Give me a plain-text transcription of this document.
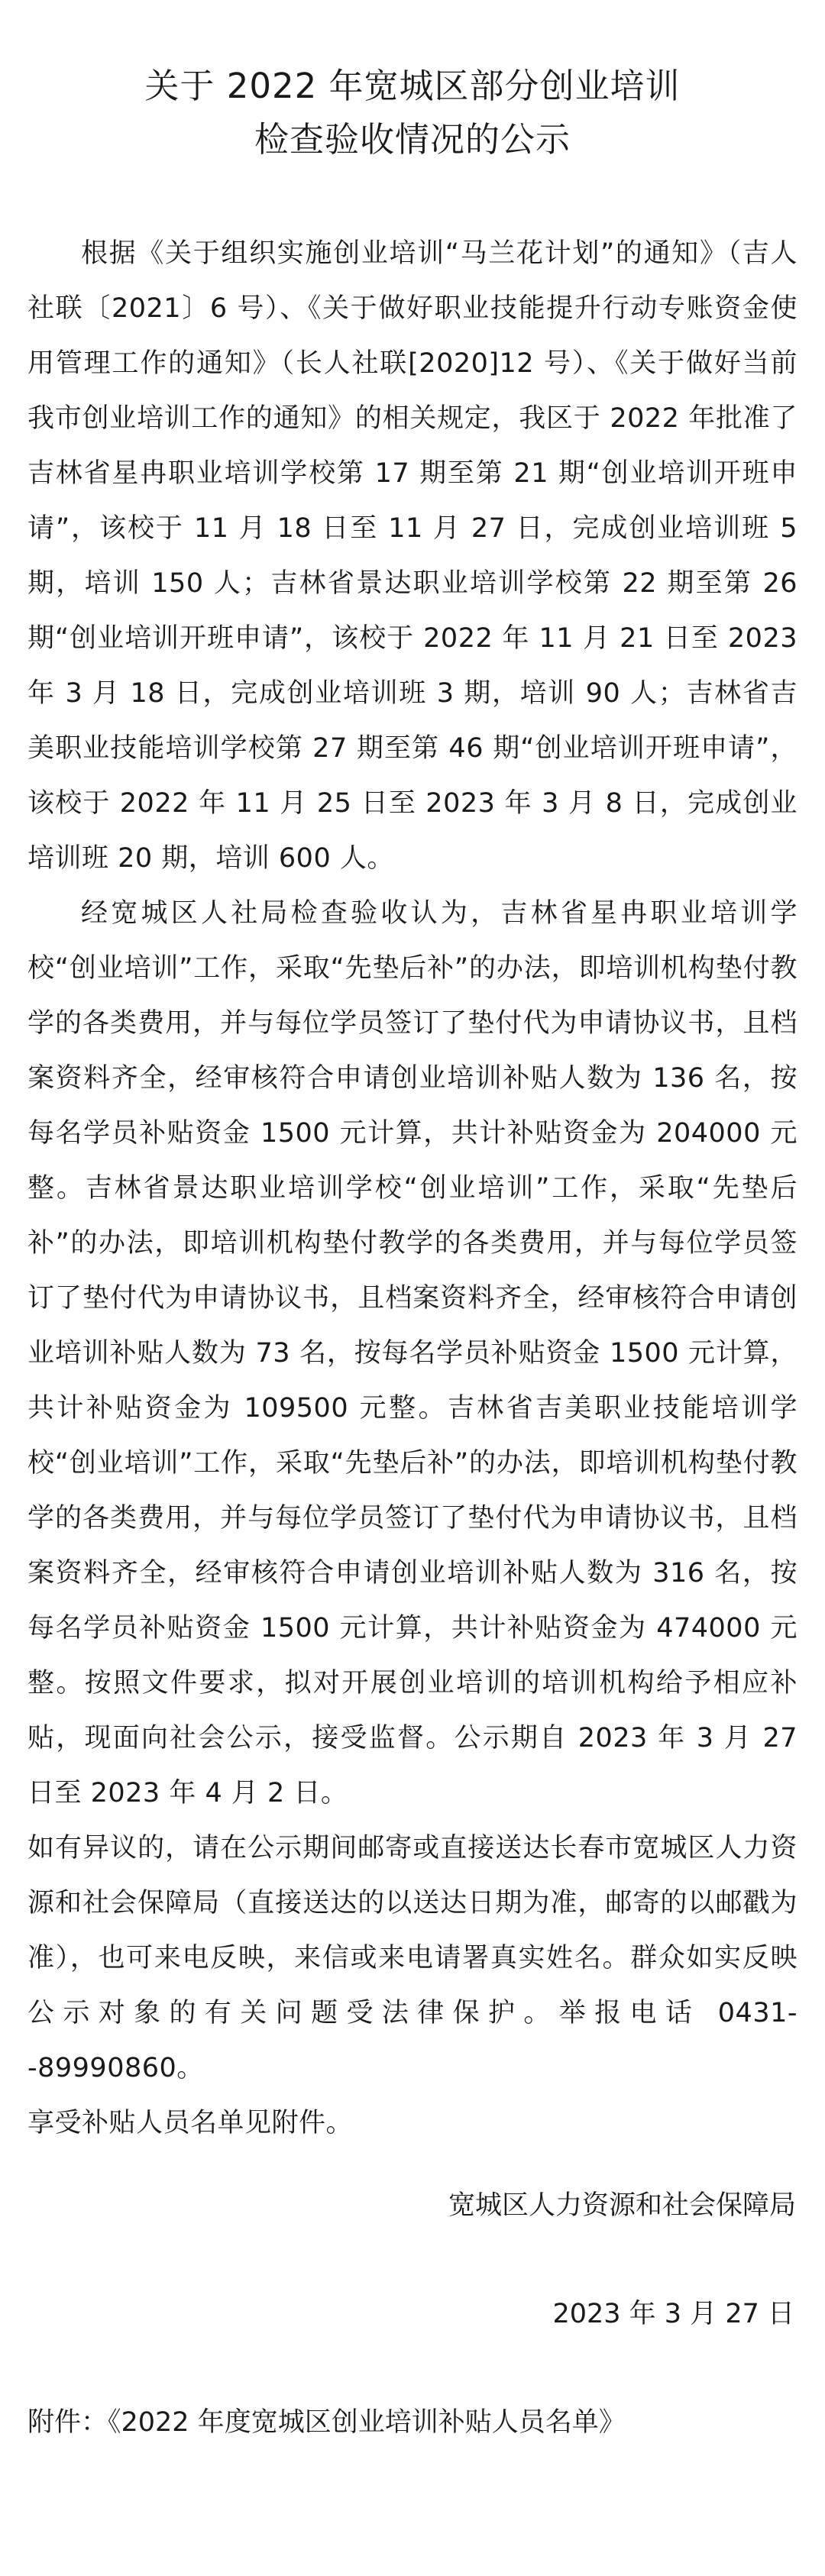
关于 2022 年宽城区部分创业培训
检查验收情况的公示

根据《关于组织实施创业培训“马兰花计划”的通知》（吉人社联〔2021〕6 号）、《关于做好职业技能提升行动专账资金使用管理工作的通知》（长人社联[2020]12 号）、《关于做好当前我市创业培训工作的通知》的相关规定，我区于 2022 年批准了吉林省星冉职业培训学校第 17 期至第 21 期“创业培训开班申请”，该校于 11 月 18 日至 11 月 27 日，完成创业培训班 5 期，培训 150 人；吉林省景达职业培训学校第 22 期至第 26 期“创业培训开班申请”，该校于 2022 年 11 月 21 日至 2023 年 3 月 18 日，完成创业培训班 3 期，培训 90 人；吉林省吉美职业技能培训学校第 27 期至第 46 期“创业培训开班申请”，该校于 2022 年 11 月 25 日至 2023 年 3 月 8 日，完成创业培训班 20 期，培训 600 人。

经宽城区人社局检查验收认为，吉林省星冉职业培训学校“创业培训”工作，采取“先垫后补”的办法，即培训机构垫付教学的各类费用，并与每位学员签订了垫付代为申请协议书，且档案资料齐全，经审核符合申请创业培训补贴人数为 136 名，按每名学员补贴资金 1500 元计算，共计补贴资金为 204000 元整。吉林省景达职业培训学校“创业培训”工作，采取“先垫后补”的办法，即培训机构垫付教学的各类费用，并与每位学员签订了垫付代为申请协议书，且档案资料齐全，经审核符合申请创业培训补贴人数为 73 名，按每名学员补贴资金 1500 元计算，共计补贴资金为 109500 元整。吉林省吉美职业技能培训学校“创业培训”工作，采取“先垫后补”的办法，即培训机构垫付教学的各类费用，并与每位学员签订了垫付代为申请协议书，且档案资料齐全，经审核符合申请创业培训补贴人数为 316 名，按每名学员补贴资金 1500 元计算，共计补贴资金为 474000 元整。按照文件要求，拟对开展创业培训的培训机构给予相应补贴，现面向社会公示，接受监督。公示期自 2023 年 3 月 27 日至 2023 年 4 月 2 日。

如有异议的，请在公示期间邮寄或直接送达长春市宽城区人力资源和社会保障局（直接送达的以送达日期为准，邮寄的以邮戳为准），也可来电反映，来信或来电请署真实姓名。群众如实反映公示对象的有关问题受法律保护。举报电话 0431--89990860。

享受补贴人员名单见附件。

宽城区人力资源和社会保障局
2023 年 3 月 27 日
附件：《2022 年度宽城区创业培训补贴人员名单》
